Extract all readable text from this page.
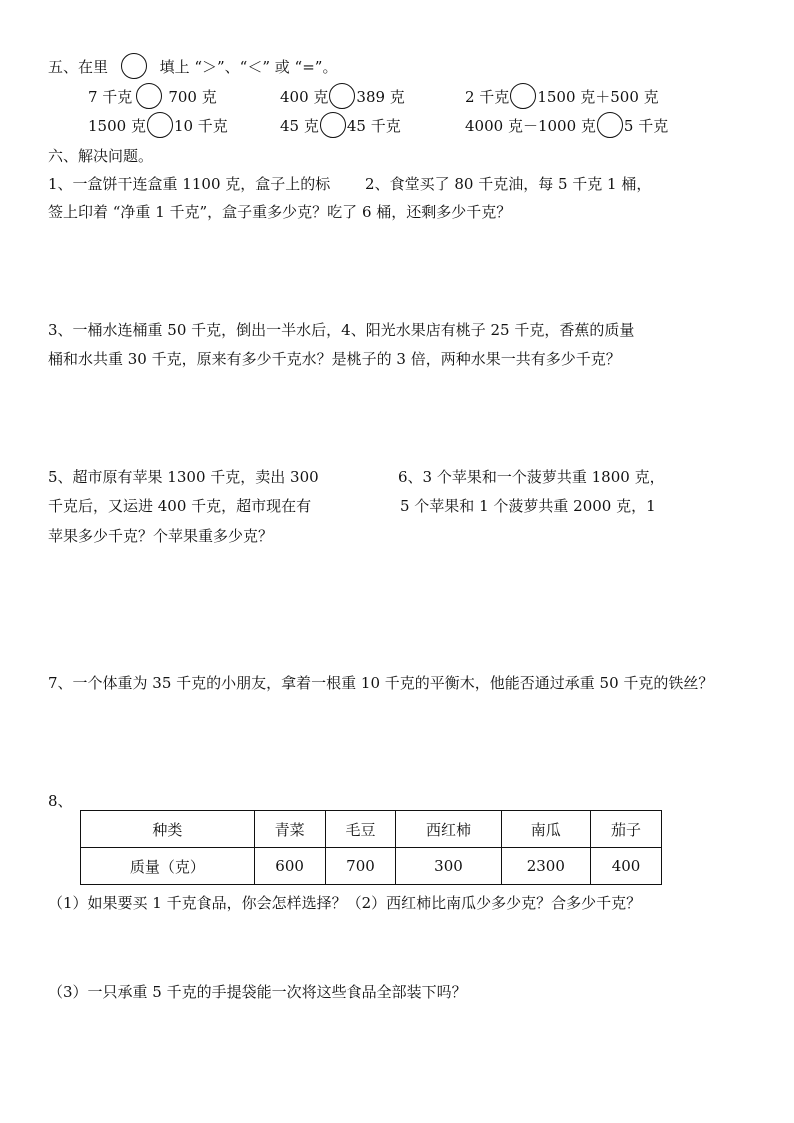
五、在里	填上 “＞”、“＜” 或 “=”。
7 千克 700 克	400 克 389 克	2 千克 1500 克＋500 克
1500 克 10 千克	45 克 45 千克	4000 克－1000 克 5 千克
六、解决问题。
1、一盒饼干连盒重 1100 克，盒子上的标　　 2、食堂买了 80 千克油，每 5 千克 1 桶，
签上印着 “净重 1 千克”，盒子重多少克？吃了 6 桶，还剩多少千克？
3、一桶水连桶重 50 千克，倒出一半水后，4、阳光水果店有桃子 25 千克，香蕉的质量
桶和水共重 30 千克，原来有多少千克水？是桃子的 3 倍，两种水果一共有多少千克？
5、超市原有苹果 1300 千克，卖出 300	6、3 个苹果和一个菠萝共重 1800 克，
千克后，又运进 400 千克，超市现在有	5 个苹果和 1 个菠萝共重 2000 克，1
苹果多少千克？个苹果重多少克？
7、一个体重为 35 千克的小朋友，拿着一根重 10 千克的平衡木，他能否通过承重 50 千克的铁丝？
8、
种类	青菜	毛豆	西红柿	南瓜	茄子
质量（克）	600	700	300	2300	400
（1）如果要买 1 千克食品，你会怎样选择？（2）西红柿比南瓜少多少克？合多少千克？
（3）一只承重 5 千克的手提袋能一次将这些食品全部装下吗？
